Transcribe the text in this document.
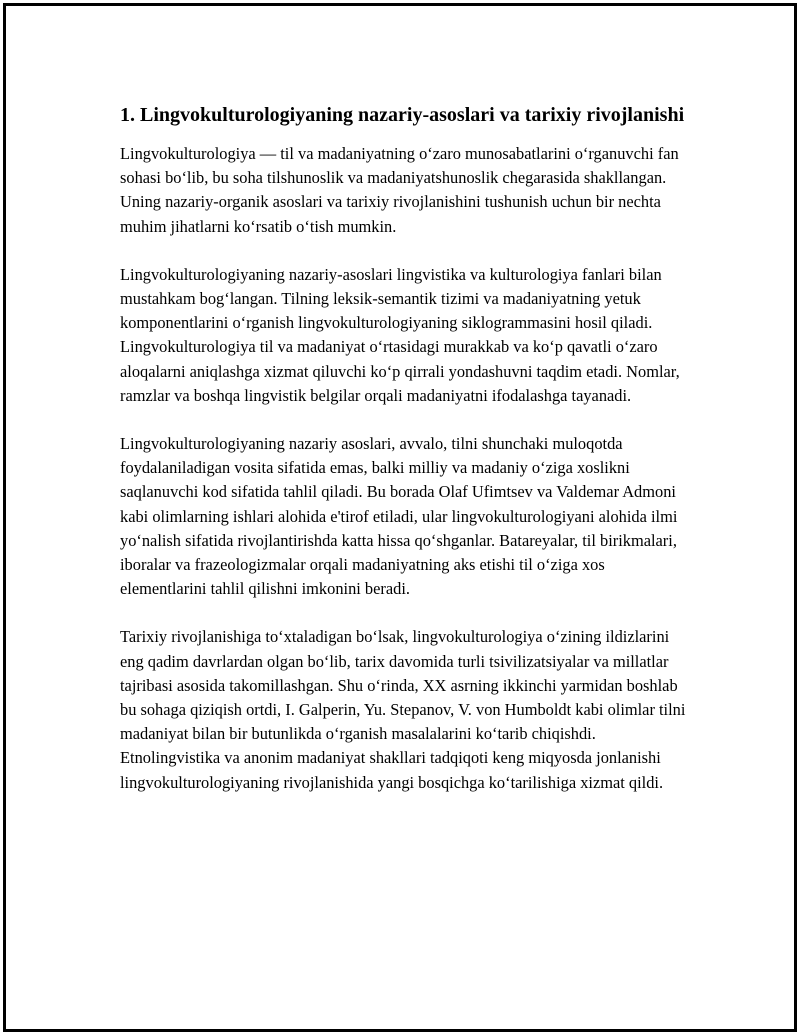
1. Lingvokulturologiyaning nazariy-asoslari va tarixiy rivojlanishi

Lingvokulturologiya — til va madaniyatning o‘zaro munosabatlarini o‘rganuvchi fan sohasi bo‘lib, bu soha tilshunoslik va madaniyatshunoslik chegarasida shakllangan. Uning nazariy-organik asoslari va tarixiy rivojlanishini tushunish uchun bir nechta muhim jihatlarni ko‘rsatib o‘tish mumkin.

Lingvokulturologiyaning nazariy-asoslari lingvistika va kulturologiya fanlari bilan mustahkam bog‘langan. Tilning leksik-semantik tizimi va madaniyatning yetuk komponentlarini o‘rganish lingvokulturologiyaning siklogrammasini hosil qiladi. Lingvokulturologiya til va madaniyat o‘rtasidagi murakkab va ko‘p qavatli o‘zaro aloqalarni aniqlashga xizmat qiluvchi ko‘p qirrali yondashuvni taqdim etadi. Nomlar, ramzlar va boshqa lingvistik belgilar orqali madaniyatni ifodalashga tayanadi.

Lingvokulturologiyaning nazariy asoslari, avvalo, tilni shunchaki muloqotda foydalaniladigan vosita sifatida emas, balki milliy va madaniy o‘ziga xoslikni saqlanuvchi kod sifatida tahlil qiladi. Bu borada Olaf Ufimtsev va Valdemar Admoni kabi olimlarning ishlari alohida e'tirof etiladi, ular lingvokulturologiyani alohida ilmi yo‘nalish sifatida rivojlantirishda katta hissa qo‘shganlar. Batareyalar, til birikmalari, iboralar va frazeologizmalar orqali madaniyatning aks etishi til o‘ziga xos elementlarini tahlil qilishni imkonini beradi.

Tarixiy rivojlanishiga to‘xtaladigan bo‘lsak, lingvokulturologiya o‘zining ildizlarini eng qadim davrlardan olgan bo‘lib, tarix davomida turli tsivilizatsiyalar va millatlar tajribasi asosida takomillashgan. Shu o‘rinda, XX asrning ikkinchi yarmidan boshlab bu sohaga qiziqish ortdi, I. Galperin, Yu. Stepanov, V. von Humboldt kabi olimlar tilni madaniyat bilan bir butunlikda o‘rganish masalalarini ko‘tarib chiqishdi. Etnolingvistika va anonim madaniyat shakllari tadqiqoti keng miqyosda jonlanishi lingvokulturologiyaning rivojlanishida yangi bosqichga ko‘tarilishiga xizmat qildi.
